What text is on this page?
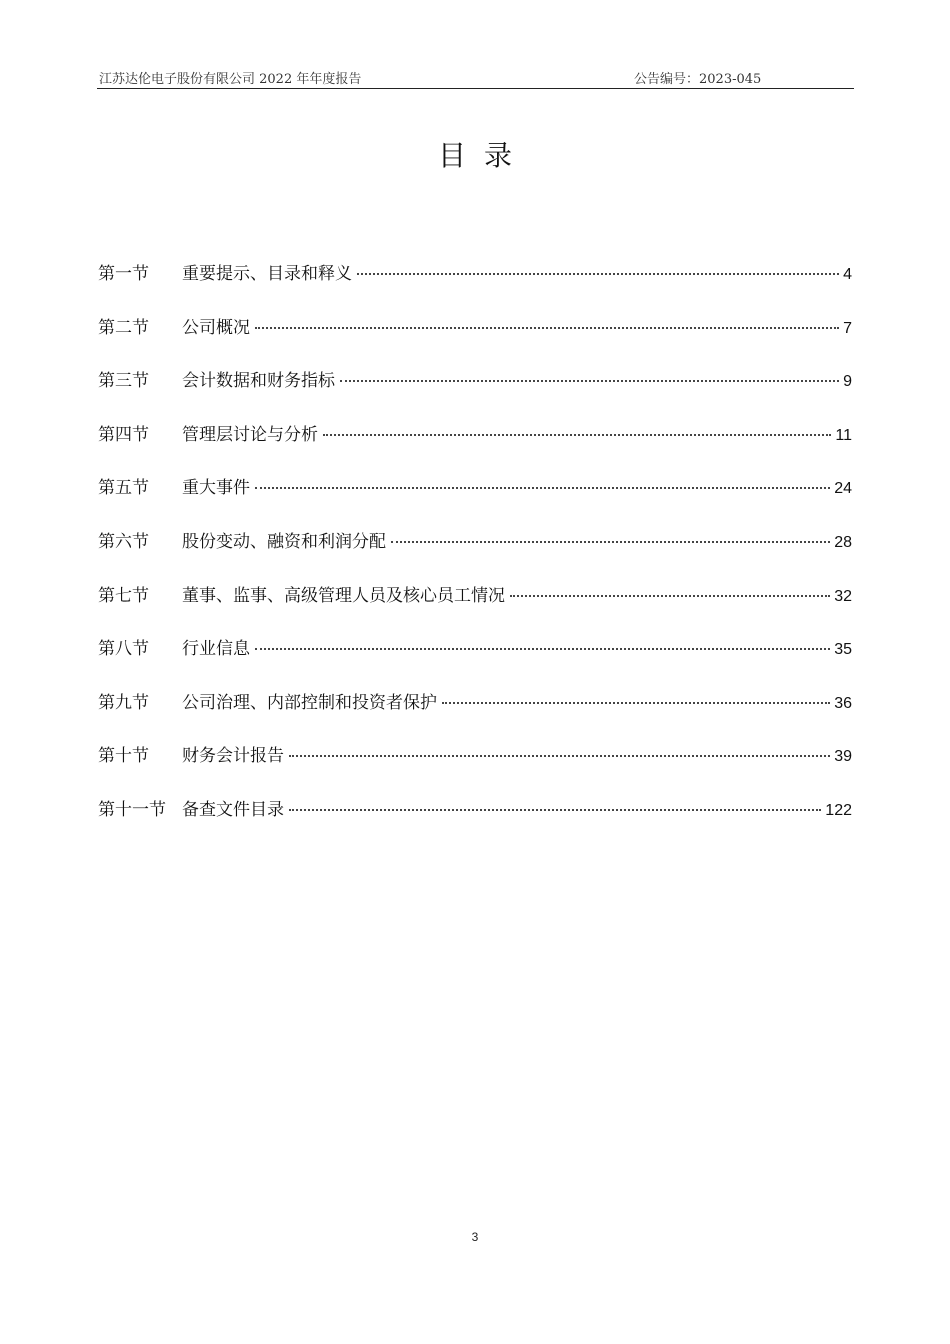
江苏达伦电子股份有限公司 2022 年年度报告	公告编号：2023-045
目录
第一节	重要提示、目录和释义	4
第二节	公司概况	7
第三节	会计数据和财务指标	9
第四节	管理层讨论与分析	11
第五节	重大事件	24
第六节	股份变动、融资和利润分配	28
第七节	董事、监事、高级管理人员及核心员工情况	32
第八节	行业信息	35
第九节	公司治理、内部控制和投资者保护	36
第十节	财务会计报告	39
第十一节 备查文件目录	122
3
